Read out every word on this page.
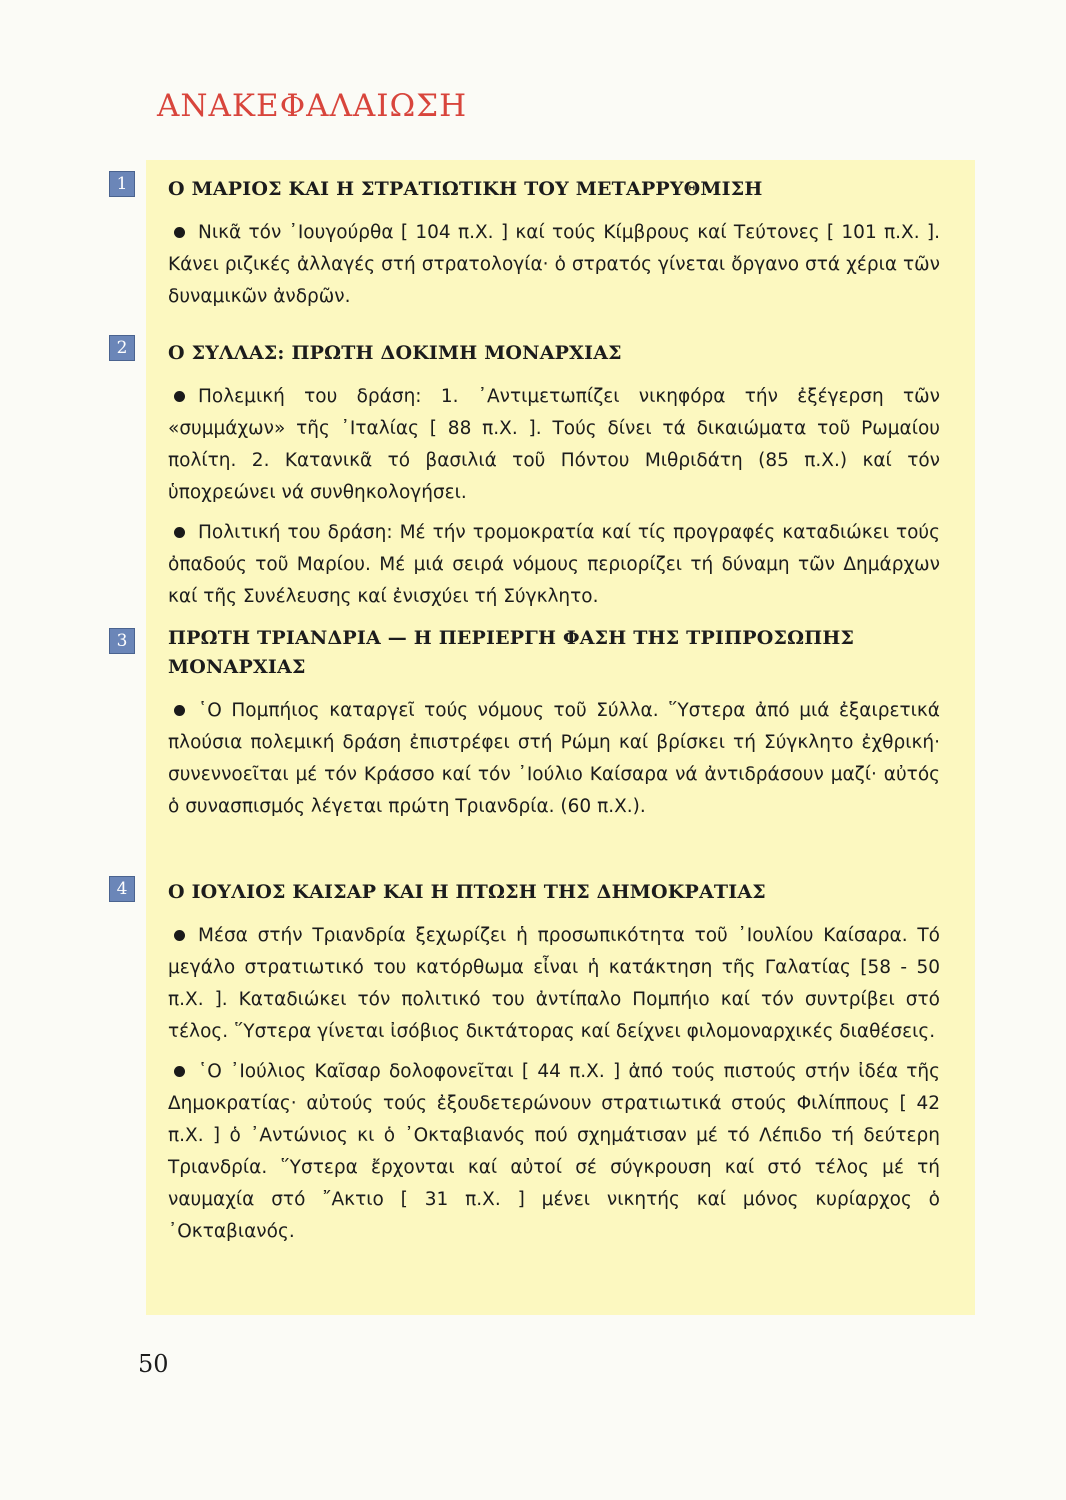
ΑΝΑΚΕΦΑΛΑΙΩΣΗ
1	Ο ΜΑΡΙΟΣ ΚΑΙ Η ΣΤΡΑΤΙΩΤΙΚΗ ΤΟΥ ΜΕΤΑΡΡΥΘΜΙΣΗ

Νικᾶ τόν ᾿Ιουγούρθα [ 104 π.Χ. ] καί τούς Κίμβρους καί Τεύτονες [ 101 π.Χ. ]. Κάνει ριζικές ἀλλαγές στή στρατολογία· ὁ στρατός γίνεται ὄργανο στά χέρια τῶν δυναμικῶν ἀνδρῶν.

2	Ο ΣΥΛΛΑΣ: ΠΡΩΤΗ ΔΟΚΙΜΗ ΜΟΝΑΡΧΙΑΣ

Πολεμική του δράση: 1. ᾿Αντιμετωπίζει νικηφόρα τήν ἐξέγερση τῶν «συμμάχων» τῆς ᾿Ιταλίας [ 88 π.Χ. ]. Τούς δίνει τά δικαιώματα τοῦ Ρωμαίου πολίτη. 2. Κατανικᾶ τό βασιλιά τοῦ Πόντου Μιθριδάτη (85 π.Χ.) καί τόν ὑποχρεώνει νά συνθηκολογήσει.

Πολιτική του δράση: Μέ τήν τρομοκρατία καί τίς προγραφές καταδιώκει τούς ὀπαδούς τοῦ Μαρίου. Μέ μιά σειρά νόμους περιορίζει τή δύναμη τῶν Δημάρχων καί τῆς Συνέλευσης καί ἐνισχύει τή Σύγκλητο.

3	ΠΡΩΤΗ ΤΡΙΑΝΔΡΙΑ — Η ΠΕΡΙΕΡΓΗ ΦΑΣΗ ΤΗΣ ΤΡΙΠΡΟΣΩΠΗΣ ΜΟΝΑΡΧΙΑΣ

῾Ο Πομπήιος καταργεῖ τούς νόμους τοῦ Σύλλα. ῞Υστερα ἀπό μιά ἐξαιρετικά πλούσια πολεμική δράση ἐπιστρέφει στή Ρώμη καί βρίσκει τή Σύγκλητο ἐχθρική· συνεννοεῖται μέ τόν Κράσσο καί τόν ᾿Ιούλιο Καίσαρα νά ἀντιδράσουν μαζί· αὐτός ὁ συνασπισμός λέγεται πρώτη Τριανδρία. (60 π.Χ.).

4	Ο ΙΟΥΛΙΟΣ ΚΑΙΣΑΡ ΚΑΙ Η ΠΤΩΣΗ ΤΗΣ ΔΗΜΟΚΡΑΤΙΑΣ

Μέσα στήν Τριανδρία ξεχωρίζει ἡ προσωπικότητα τοῦ ᾿Ιουλίου Καίσαρα. Τό μεγάλο στρατιωτικό του κατόρθωμα εἶναι ἡ κατάκτηση τῆς Γαλατίας [58 - 50 π.Χ. ]. Καταδιώκει τόν πολιτικό του ἀντίπαλο Πομπήιο καί τόν συντρίβει στό τέλος. ῞Υστερα γίνεται ἰσόβιος δικτάτορας καί δείχνει φιλομοναρχικές διαθέσεις.

῾Ο ᾿Ιούλιος Καῖσαρ δολοφονεῖται [ 44 π.Χ. ] ἀπό τούς πιστούς στήν ἰδέα τῆς Δημοκρατίας· αὐτούς τούς ἐξουδετερώνουν στρατιωτικά στούς Φιλίππους [ 42 π.Χ. ] ὁ ᾿Αντώνιος κι ὁ ᾿Οκταβιανός πού σχημάτισαν μέ τό Λέπιδο τή δεύτερη Τριανδρία. ῞Υστερα ἔρχονται καί αὐτοί σέ σύγκρουση καί στό τέλος μέ τή ναυμαχία στό ῎Ακτιο [ 31 π.Χ. ] μένει νικητής καί μόνος κυρίαρχος ὁ ᾿Οκταβιανός.

50
